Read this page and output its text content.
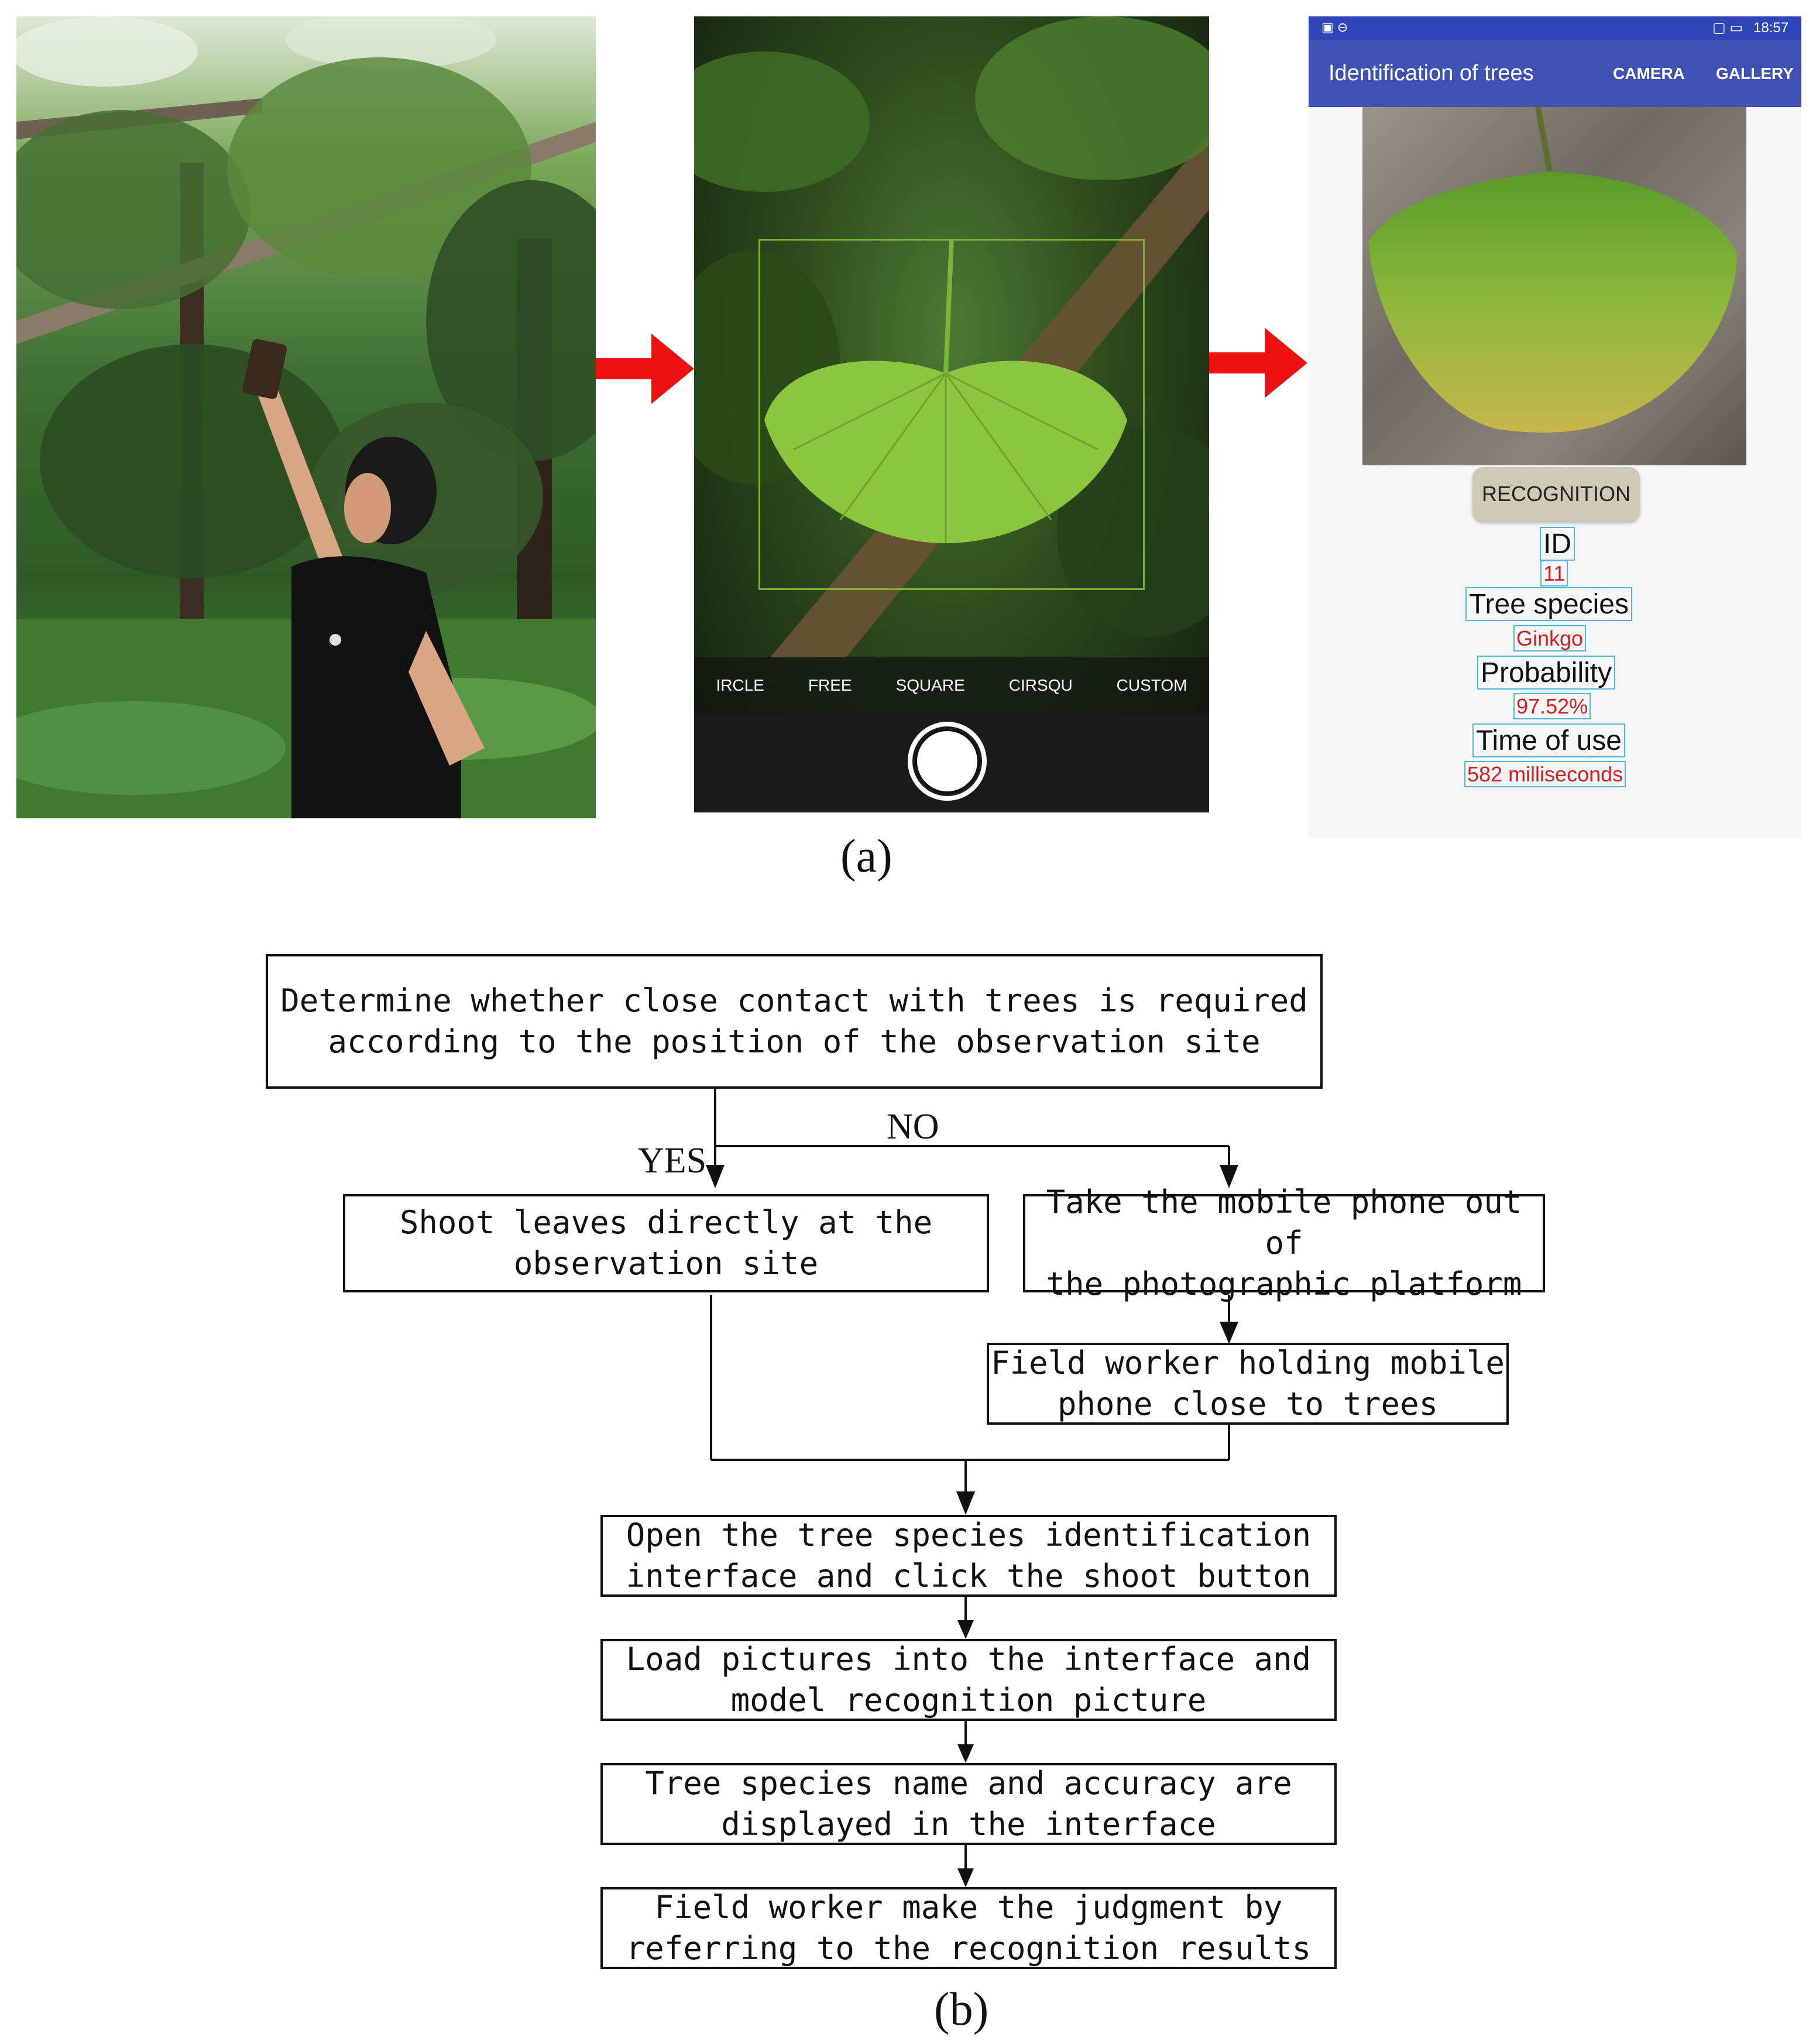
IRCLE	FREE	SQUARE	CIRSQU	CUSTOM
▣ ⊖	▢ ▭ 18:57
Identification of trees	CAMERA GALLERY
RECOGNITION
ID
11
Tree species
Ginkgo
Probability
97.52%
Time of use
582 milliseconds
(a)
Determine whether close contact with trees is required
according to the position of the observation site
YES
NO
Shoot leaves directly at the
observation site
Take the mobile phone out of
the photographic platform
Field worker holding mobile
phone close to trees
Open the tree species identification
interface and click the shoot button
Load pictures into the interface and
model recognition picture
Tree species name and accuracy are
displayed in the interface
Field worker make the judgment by
referring to the recognition results
(b)
